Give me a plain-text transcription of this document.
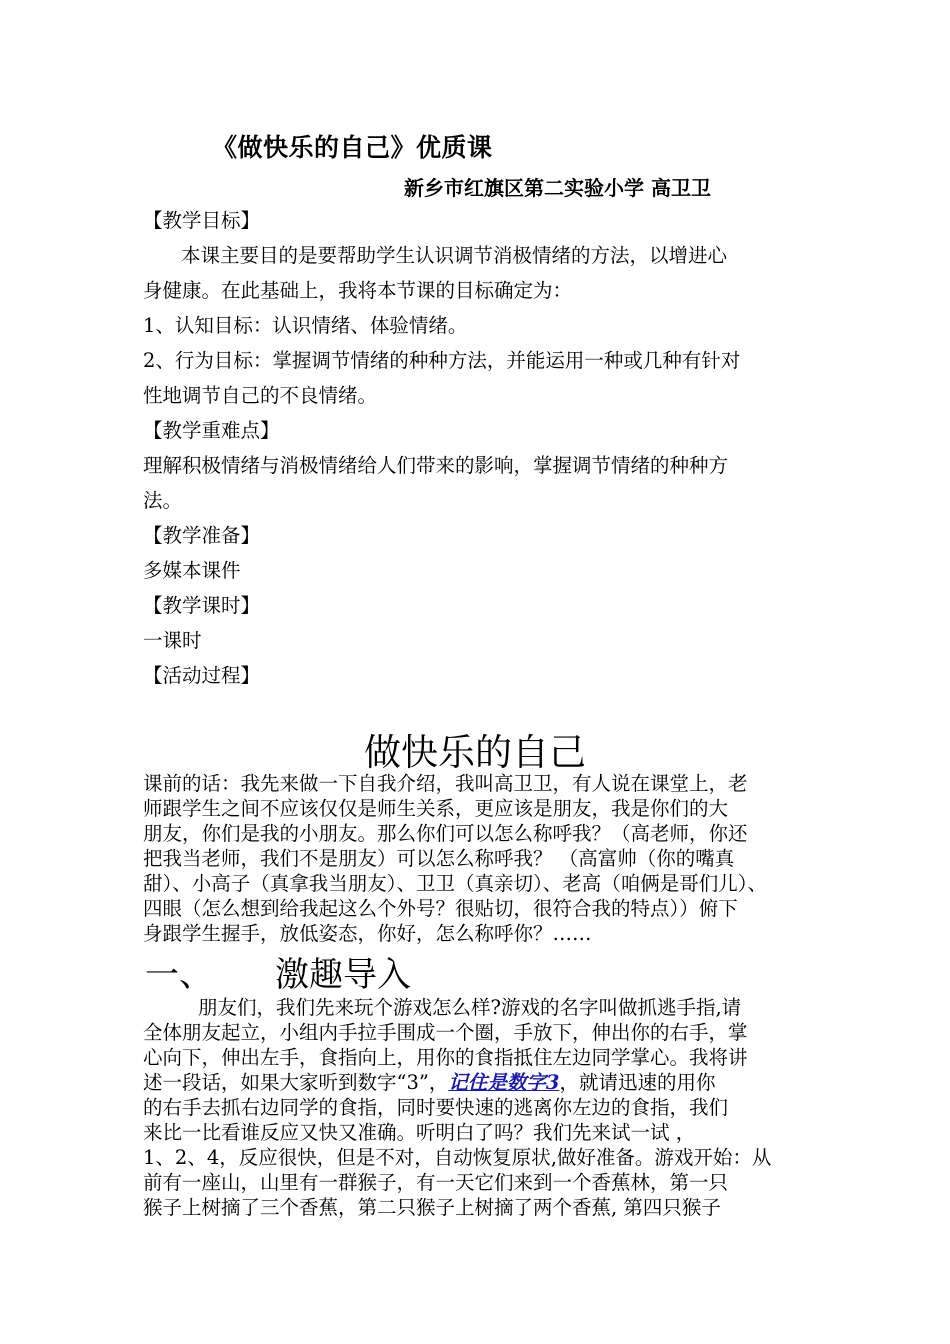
《做快乐的自己》优质课
新乡市红旗区第二实验小学 高卫卫
【教学目标】
本课主要目的是要帮助学生认识调节消极情绪的方法，以增进心
身健康。在此基础上，我将本节课的目标确定为：
1、认知目标：认识情绪、体验情绪。
2、行为目标：掌握调节情绪的种种方法，并能运用一种或几种有针对
性地调节自己的不良情绪。
【教学重难点】
理解积极情绪与消极情绪给人们带来的影响，掌握调节情绪的种种方
法。
【教学准备】
多媒本课件
【教学课时】
一课时
【活动过程】
做快乐的自己
课前的话：我先来做一下自我介绍，我叫高卫卫，有人说在课堂上，老
师跟学生之间不应该仅仅是师生关系，更应该是朋友，我是你们的大
朋友，你们是我的小朋友。那么你们可以怎么称呼我？（高老师，你还
把我当老师，我们不是朋友）可以怎么称呼我？ （高富帅（你的嘴真
甜）、小高子（真拿我当朋友）、卫卫（真亲切）、老高（咱俩是哥们儿）、
四眼（怎么想到给我起这么个外号？很贴切，很符合我的特点））俯下
身跟学生握手，放低姿态，你好，怎么称呼你？……
一、 激趣导入
朋友们，我们先来玩个游戏怎么样?游戏的名字叫做抓逃手指,请
全体朋友起立，小组内手拉手围成一个圈，手放下，伸出你的右手，掌
心向下，伸出左手，食指向上，用你的食指抵住左边同学掌心。我将讲
述一段话，如果大家听到数字“3”，记住是数字3，就请迅速的用你
的右手去抓右边同学的食指，同时要快速的逃离你左边的食指，我们
来比一比看谁反应又快又准确。听明白了吗？我们先来试一试 ，
1、2、4，反应很快，但是不对，自动恢复原状,做好准备。游戏开始：从
前有一座山，山里有一群猴子，有一天它们来到一个香蕉林，第一只
猴子上树摘了三个香蕉，第二只猴子上树摘了两个香蕉, 第四只猴子
